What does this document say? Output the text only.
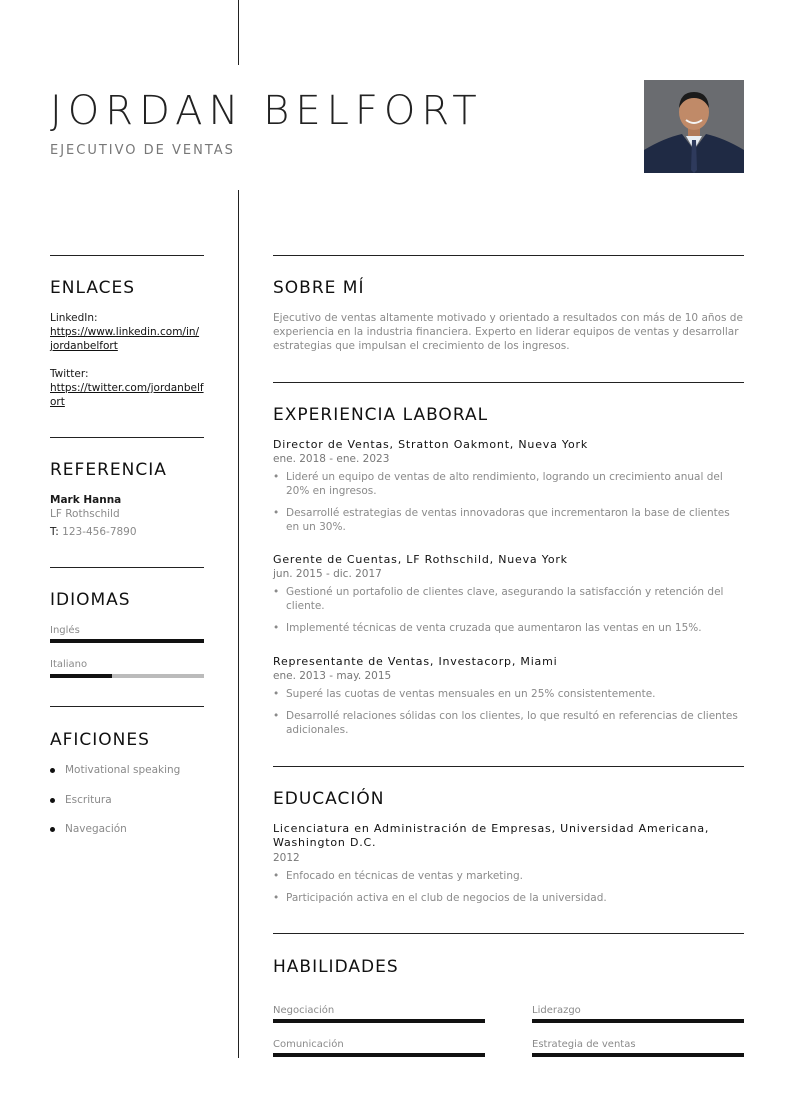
JORDAN BELFORT
EJECUTIVO DE VENTAS
ENLACES
LinkedIn:
https://www.linkedin.com/in/jordanbelfort
Twitter:
https://twitter.com/jordanbelfort
REFERENCIA
Mark Hanna
LF Rothschild
T: 123-456-7890
IDIOMAS
Inglés
Italiano
AFICIONES
Motivational speaking
Escritura
Navegación
SOBRE MÍ
Ejecutivo de ventas altamente motivado y orientado a resultados con más de 10 años de experiencia en la industria financiera. Experto en liderar equipos de ventas y desarrollar estrategias que impulsan el crecimiento de los ingresos.
EXPERIENCIA LABORAL
Director de Ventas, Stratton Oakmont, Nueva York
ene. 2018 - ene. 2023
• Lideré un equipo de ventas de alto rendimiento, logrando un crecimiento anual del 20% en ingresos.
• Desarrollé estrategias de ventas innovadoras que incrementaron la base de clientes en un 30%.
Gerente de Cuentas, LF Rothschild, Nueva York
jun. 2015 - dic. 2017
• Gestioné un portafolio de clientes clave, asegurando la satisfacción y retención del cliente.
• Implementé técnicas de venta cruzada que aumentaron las ventas en un 15%.
Representante de Ventas, Investacorp, Miami
ene. 2013 - may. 2015
• Superé las cuotas de ventas mensuales en un 25% consistentemente.
• Desarrollé relaciones sólidas con los clientes, lo que resultó en referencias de clientes adicionales.
EDUCACIÓN
Licenciatura en Administración de Empresas, Universidad Americana, Washington D.C.
2012
• Enfocado en técnicas de ventas y marketing.
• Participación activa en el club de negocios de la universidad.
HABILIDADES
Negociación	Liderazgo
Comunicación	Estrategia de ventas
